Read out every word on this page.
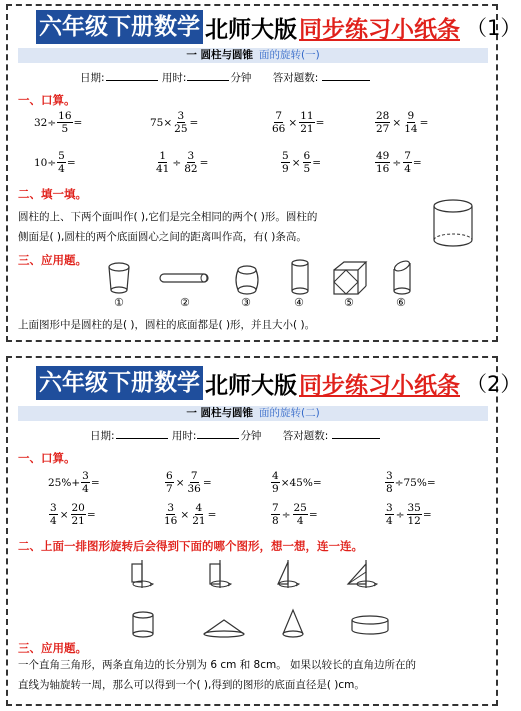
六年级下册数学 北师大版 同步练习小纸条 （1）
一 圆柱与圆锥 面的旋转(一)
日期:	用时:	分钟 答对题数:
一、口算。
$32\div \frac{16}{5}$ =	$75\times \frac{3}{25}$ =	$\frac{7}{66} \times \frac{11}{21}$ =	$\frac{28}{27} \times \frac{9}{14}$ =
$10\div \frac{5}{4}$ =	$\frac{1}{41} \div \frac{3}{82}$ =	$\frac{5}{9} \times \frac{6}{5}$ =	$\frac{49}{16} \div \frac{7}{4}$ =
二、填一填。
圆柱的上、下两个面叫作( ),它们是完全相同的两个( )形。圆柱的
侧面是( ),圆柱的两个底面圆心之间的距离叫作高，有( )条高。
三、应用题。
①	②	③	④	⑤	⑥
上面图形中是圆柱的是( )，圆柱的底面都是( )形，并且大小( )。
六年级下册数学 北师大版 同步练习小纸条 （2）
一 圆柱与圆锥 面的旋转(二)
日期:	用时:	分钟 答对题数:
一、口算。
$25\%+ \frac{3}{4}$ =	$\frac{6}{7} \times \frac{7}{36}$ =	$\frac{4}{9} \times 45\%$ =	$\frac{3}{8} \div 75\%$ =
$\frac{3}{4} \times \frac{20}{21}$ =	$\frac{3}{16} \times \frac{4}{21}$ =	$\frac{7}{8} \div \frac{25}{4}$ =	$\frac{3}{4} \div \frac{35}{12}$ =
二、上面一排图形旋转后会得到下面的哪个图形，想一想，连一连。
三、应用题。
一个直角三角形，两条直角边的长分别为 6 cm 和 8cm。 如果以较长的直角边所在的
直线为轴旋转一周，那么可以得到一个( ),得到的图形的底面直径是( )cm。
